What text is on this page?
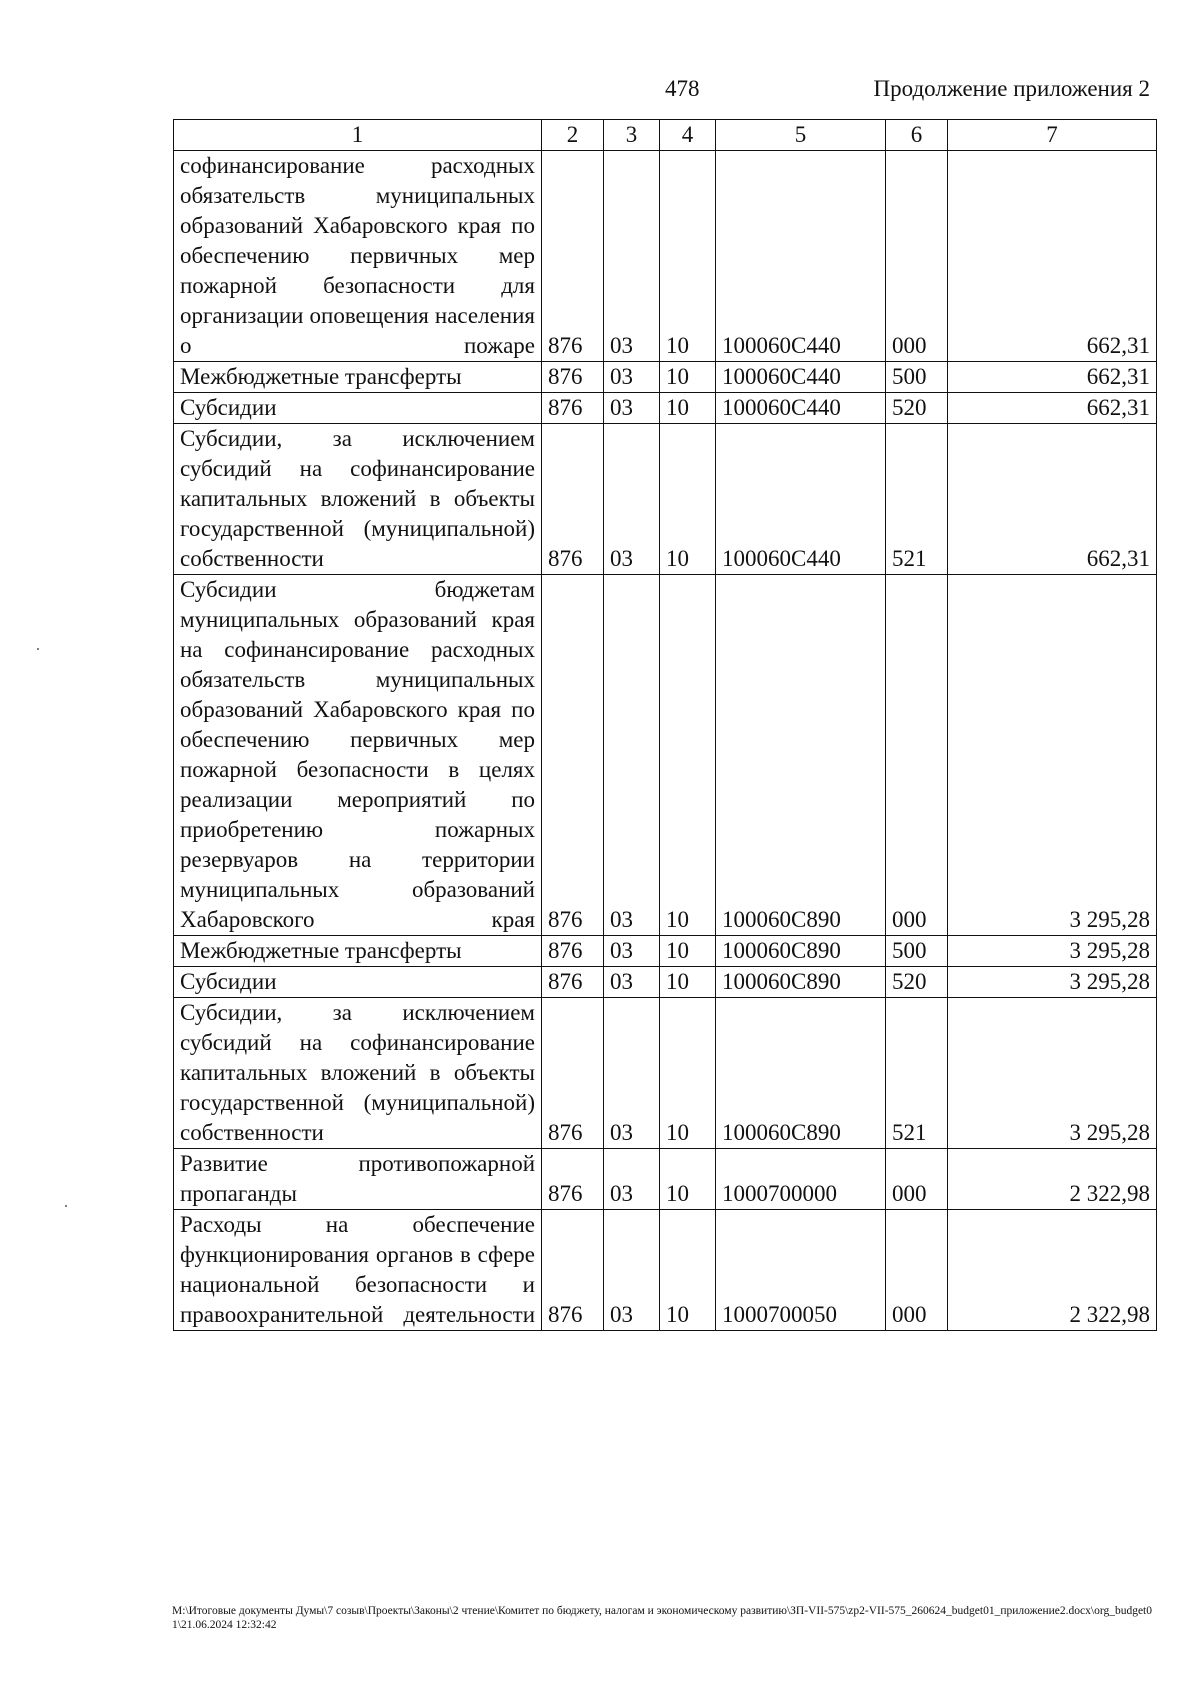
478	Продолжение приложения 2
1	2	3	4	5	6	7
софинансирование расходных обязательств муниципальных образований Хабаровского края по обеспечению первичных мер пожарной безопасности для организации оповещения населения о пожаре	876	03	10	100060C440	000	662,31
Межбюджетные трансферты	876	03	10	100060C440	500	662,31
Субсидии	876	03	10	100060C440	520	662,31
Субсидии, за исключением субсидий на софинансирование капитальных вложений в объекты государственной (муниципальной) собственности	876	03	10	100060C440	521	662,31
Субсидии бюджетам муниципальных образований края на софинансирование расходных обязательств муниципальных образований Хабаровского края по обеспечению первичных мер пожарной безопасности в целях реализации мероприятий по приобретению пожарных резервуаров на территории муниципальных образований Хабаровского края	876	03	10	100060C890	000	3 295,28
Межбюджетные трансферты	876	03	10	100060C890	500	3 295,28
Субсидии	876	03	10	100060C890	520	3 295,28
Субсидии, за исключением субсидий на софинансирование капитальных вложений в объекты государственной (муниципальной) собственности	876	03	10	100060C890	521	3 295,28
Развитие противопожарной пропаганды	876	03	10	1000700000	000	2 322,98
Расходы на обеспечение функционирования органов в сфере национальной безопасности и правоохранительной деятельности	876	03	10	1000700050	000	2 322,98
M:\Итоговые документы Думы\7 созыв\Проекты\Законы\2 чтение\Комитет по бюджету, налогам и экономическому развитию\ЗП-VII-575\zp2-VII-575_260624_budget01_приложение2.docx\org_budget01\21.06.2024 12:32:42
